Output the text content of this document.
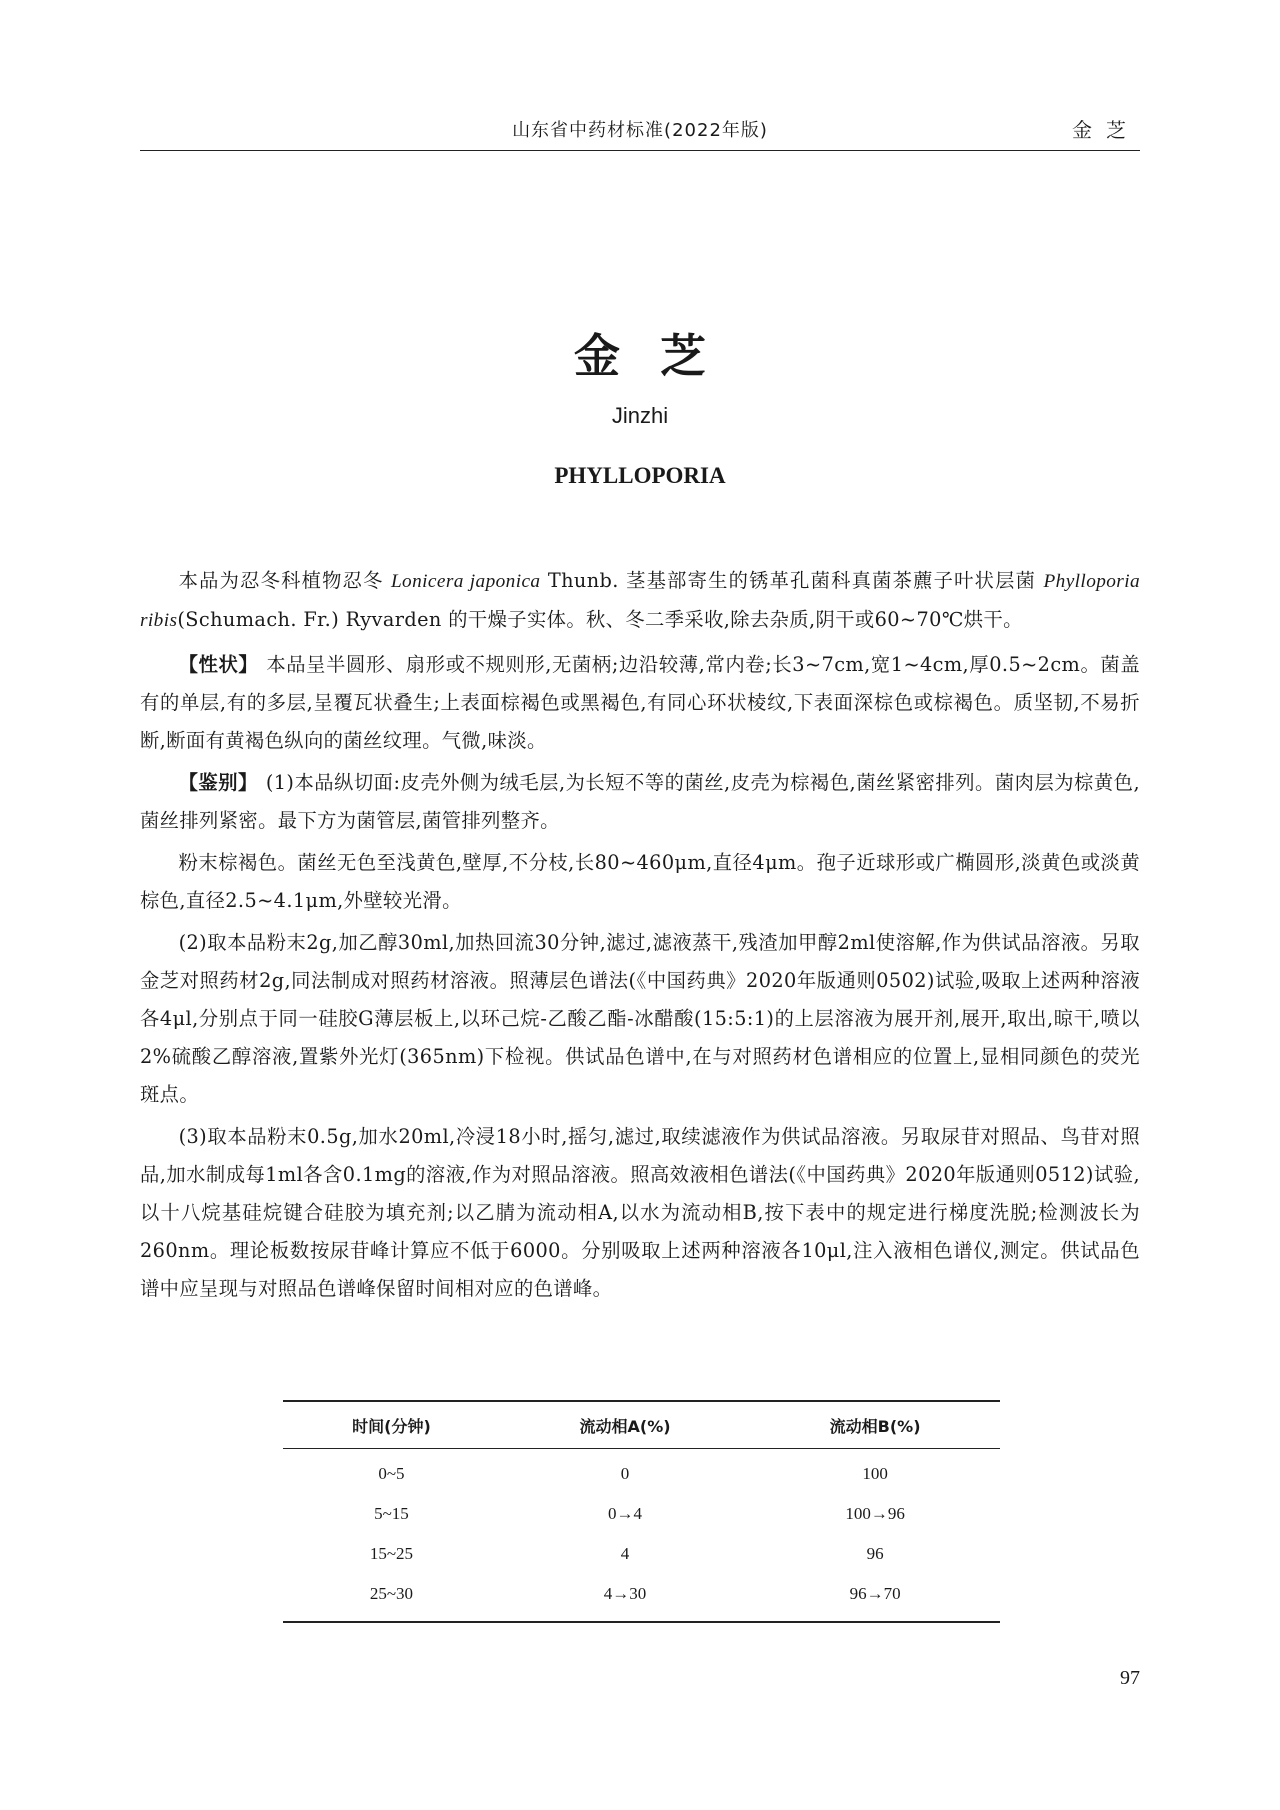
山东省中药材标准(2022年版)	金芝
金芝
Jinzhi
PHYLLOPORIA

本品为忍冬科植物忍冬 Lonicera japonica Thunb. 茎基部寄生的锈革孔菌科真菌茶藨子叶状层菌 Phylloporia ribis(Schumach. Fr.) Ryvarden 的干燥子实体。秋、冬二季采收,除去杂质,阴干或60~70℃烘干。

【性状】 本品呈半圆形、扇形或不规则形,无菌柄;边沿较薄,常内卷;长3~7cm,宽1~4cm,厚0.5~2cm。菌盖有的单层,有的多层,呈覆瓦状叠生;上表面棕褐色或黑褐色,有同心环状棱纹,下表面深棕色或棕褐色。质坚韧,不易折断,断面有黄褐色纵向的菌丝纹理。气微,味淡。

【鉴别】 (1)本品纵切面:皮壳外侧为绒毛层,为长短不等的菌丝,皮壳为棕褐色,菌丝紧密排列。菌肉层为棕黄色,菌丝排列紧密。最下方为菌管层,菌管排列整齐。

粉末棕褐色。菌丝无色至浅黄色,壁厚,不分枝,长80~460μm,直径4μm。孢子近球形或广椭圆形,淡黄色或淡黄棕色,直径2.5~4.1μm,外壁较光滑。

(2)取本品粉末2g,加乙醇30ml,加热回流30分钟,滤过,滤液蒸干,残渣加甲醇2ml使溶解,作为供试品溶液。另取金芝对照药材2g,同法制成对照药材溶液。照薄层色谱法(《中国药典》2020年版通则0502)试验,吸取上述两种溶液各4μl,分别点于同一硅胶G薄层板上,以环己烷-乙酸乙酯-冰醋酸(15:5:1)的上层溶液为展开剂,展开,取出,晾干,喷以2%硫酸乙醇溶液,置紫外光灯(365nm)下检视。供试品色谱中,在与对照药材色谱相应的位置上,显相同颜色的荧光斑点。

(3)取本品粉末0.5g,加水20ml,冷浸18小时,摇匀,滤过,取续滤液作为供试品溶液。另取尿苷对照品、鸟苷对照品,加水制成每1ml各含0.1mg的溶液,作为对照品溶液。照高效液相色谱法(《中国药典》2020年版通则0512)试验,以十八烷基硅烷键合硅胶为填充剂;以乙腈为流动相A,以水为流动相B,按下表中的规定进行梯度洗脱;检测波长为260nm。理论板数按尿苷峰计算应不低于6000。分别吸取上述两种溶液各10μl,注入液相色谱仪,测定。供试品色谱中应呈现与对照品色谱峰保留时间相对应的色谱峰。

时间(分钟)	流动相A(%)	流动相B(%)
0~5	0	100
5~15	0→4	100→96
15~25	4	96
25~30	4→30	96→70
97
